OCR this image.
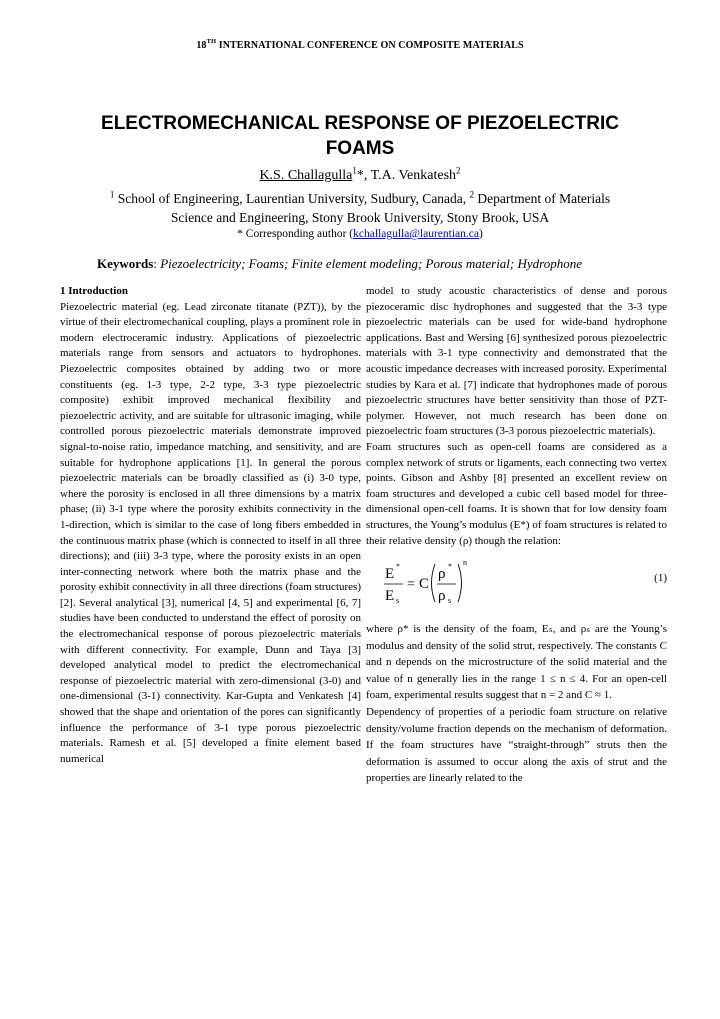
18TH INTERNATIONAL CONFERENCE ON COMPOSITE MATERIALS
ELECTROMECHANICAL RESPONSE OF PIEZOELECTRIC
FOAMS
K.S. Challagulla$^1$*, T.A. Venkatesh$^2$
$^1$ School of Engineering, Laurentian University, Sudbury, Canada, $^2$ Department of Materials
Science and Engineering, Stony Brook University, Stony Brook, USA
* Corresponding author (kchallagulla@laurentian.ca)
Keywords: Piezoelectricity; Foams; Finite element modeling; Porous material; Hydrophone

1 Introduction

Piezoelectric material (eg. Lead zirconate titanate (PZT)), by the virtue of their electromechanical coupling, plays a prominent role in modern electroceramic industry. Applications of piezoelectric materials range from sensors and actuators to hydrophones. Piezoelectric composites obtained by adding two or more constituents (eg. 1-3 type, 2-2 type, 3-3 type piezoelectric composite) exhibit improved mechanical flexibility and piezoelectric activity, and are suitable for ultrasonic imaging, while controlled porous piezoelectric materials demonstrate improved signal-to-noise ratio, impedance matching, and sensitivity, and are suitable for hydrophone applications [1]. In general the porous piezoelectric materials can be broadly classified as (i) 3-0 type, where the porosity is enclosed in all three dimensions by a matrix phase; (ii) 3-1 type where the porosity exhibits connectivity in the 1-direction, which is similar to the case of long fibers embedded in the continuous matrix phase (which is connected to itself in all three directions); and (iii) 3-3 type, where the porosity exists in an open inter-connecting network where both the matrix phase and the porosity exhibit connectivity in all three directions (foam structures) [2]. Several analytical [3], numerical [4, 5] and experimental [6, 7] studies have been conducted to understand the effect of porosity on the electromechanical response of porous piezoelectric materials with different connectivity. For example, Dunn and Taya [3] developed analytical model to predict the electromechanical response of piezoelectric material with zero-dimensional (3-0) and one-dimensional (3-1) connectivity. Kar-Gupta and Venkatesh [4] showed that the shape and orientation of the pores can significantly influence the performance of 3-1 type porous piezoelectric materials. Ramesh et al. [5] developed a finite element based numerical

model to study acoustic characteristics of dense and porous piezoceramic disc hydrophones and suggested that the 3-3 type piezoelectric materials can be used for wide-band hydrophone applications. Bast and Wersing [6] synthesized porous piezoelectric materials with 3-1 type connectivity and demonstrated that the acoustic impedance decreases with increased porosity. Experimental studies by Kara et al. [7] indicate that hydrophones made of porous piezoelectric structures have better sensitivity than those of PZT-polymer. However, not much research has been done on piezoelectric foam structures (3-3 porous piezoelectric materials).

Foam structures such as open-cell foams are considered as a complex network of struts or ligaments, each connecting two vertex points. Gibson and Ashby [8] presented an excellent review on foam structures and developed a cubic cell based model for three-dimensional open-cell foams. It is shown that for low density foam structures, the Young’s modulus (E*) of foam structures is related to their relative density (ρ) though the relation:

E *
E s
= C
ρ *
ρ s
n
(1)

where ρ* is the density of the foam, Eₛ, and ρₛ are the Young’s modulus and density of the solid strut, respectively. The constants C and n depends on the microstructure of the solid material and the value of n generally lies in the range 1 ≤ n ≤ 4. For an open-cell foam, experimental results suggest that n = 2 and C ≈ 1.

Dependency of properties of a periodic foam structure on relative density/volume fraction depends on the mechanism of deformation. If the foam structures have “straight-through” struts then the deformation is assumed to occur along the axis of strut and the properties are linearly related to the
